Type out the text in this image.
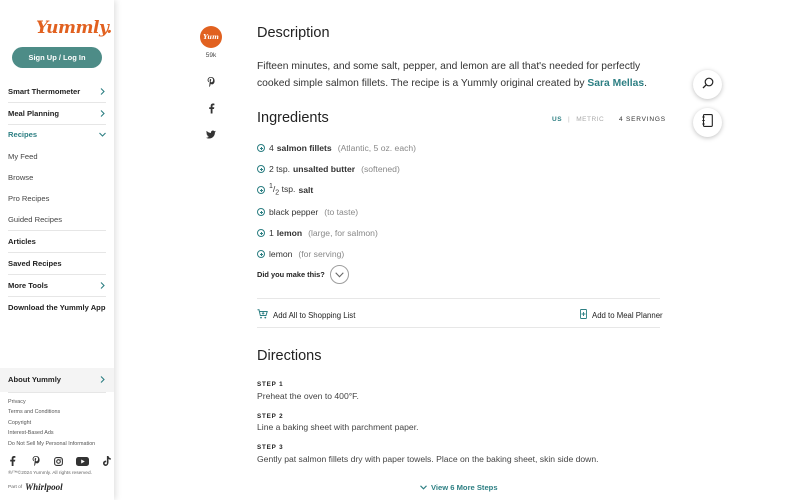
Yummly.
Sign Up / Log In
Smart Thermometer
Meal Planning
Recipes
My Feed
Browse
Pro Recipes
Guided Recipes
Articles
Saved Recipes
More Tools
Download the Yummly App
About Yummly
Privacy
Terms and Conditions
Copyright
Interest-Based Ads
Do Not Sell My Personal Information
®/™©2024 Yummly. All rights reserved.
Part of Whirlpool
Yum
59k
Description
Fifteen minutes, and some salt, pepper, and lemon are all that's needed for perfectly cooked simple salmon fillets. The recipe is a Yummly original created by Sara Mellas.
Ingredients	US | METRIC 4 SERVINGS
4 salmon fillets (Atlantic, 5 oz. each)
2 tsp. unsalted butter (softened)
$^1/_2$ tsp. salt
black pepper (to taste)
1 lemon (large, for salmon)
lemon (for serving)
Did you make this?
Add All to Shopping List	Add to Meal Planner
Directions
STEP 1
Preheat the oven to 400°F.
STEP 2
Line a baking sheet with parchment paper.
STEP 3
Gently pat salmon fillets dry with paper towels. Place on the baking sheet, skin side down.
View 6 More Steps
